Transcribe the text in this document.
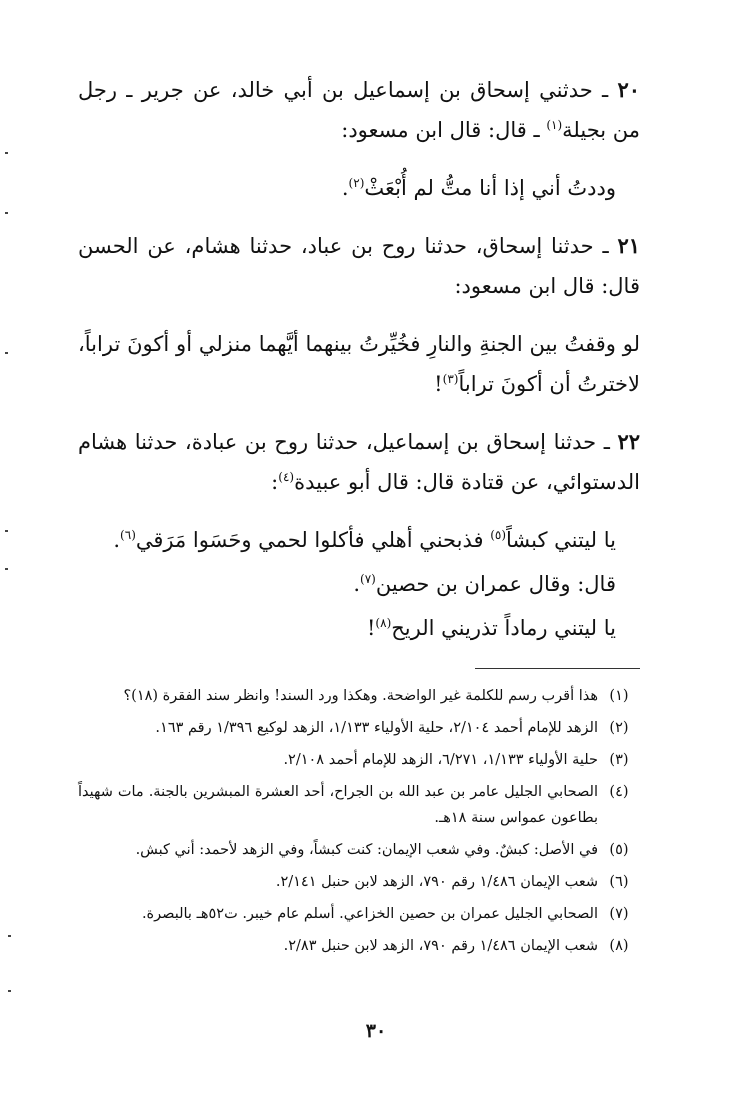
٢٠ ـ حدثني إسحاق بن إسماعيل بن أبي خالد، عن جرير ـ رجل من بجيلة$^{(١)}$ ـ قال: قال ابن مسعود:

وددتُ أني إذا أنا متُّ لم أُبْعَثْ$^{(٢)}$.

٢١ ـ حدثنا إسحاق، حدثنا روح بن عباد، حدثنا هشام، عن الحسن قال: قال ابن مسعود:

لو وقفتُ بين الجنةِ والنارِ فخُيِّرتُ بينهما أيَّهما منزلي أو أكونَ تراباً، لاخترتُ أن أكونَ تراباً$^{(٣)}$!

٢٢ ـ حدثنا إسحاق بن إسماعيل، حدثنا روح بن عبادة، حدثنا هشام الدستوائي، عن قتادة قال: قال أبو عبيدة$^{(٤)}$:

يا ليتني كبشاً$^{(٥)}$ فذبحني أهلي فأكلوا لحمي وحَسَوا مَرَقي$^{(٦)}$.

قال: وقال عمران بن حصين$^{(٧)}$.

يا ليتني رماداً تذريني الريح$^{(٨)}$!

(١)
هذا أقرب رسم للكلمة غير الواضحة. وهكذا ورد السند! وانظر سند الفقرة (١٨)؟
(٢)
الزهد للإمام أحمد ٢/١٠٤، حلية الأولياء ١/١٣٣، الزهد لوكيع ١/٣٩٦ رقم ١٦٣.
(٣)
حلية الأولياء ١/١٣٣، ٦/٢٧١، الزهد للإمام أحمد ٢/١٠٨.
(٤)
الصحابي الجليل عامر بن عبد الله بن الجراح، أحد العشرة المبشرين بالجنة. مات شهيداً بطاعون عمواس سنة ١٨هـ.
(٥)
في الأصل: كبشٌ. وفي شعب الإيمان: كنت كبشاً، وفي الزهد لأحمد: أني كبش.
(٦)
شعب الإيمان ١/٤٨٦ رقم ٧٩٠، الزهد لابن حنبل ٢/١٤١.
(٧)
الصحابي الجليل عمران بن حصين الخزاعي. أسلم عام خيبر. ت٥٢هـ بالبصرة.
(٨)
شعب الإيمان ١/٤٨٦ رقم ٧٩٠، الزهد لابن حنبل ٢/٨٣.
٣٠
